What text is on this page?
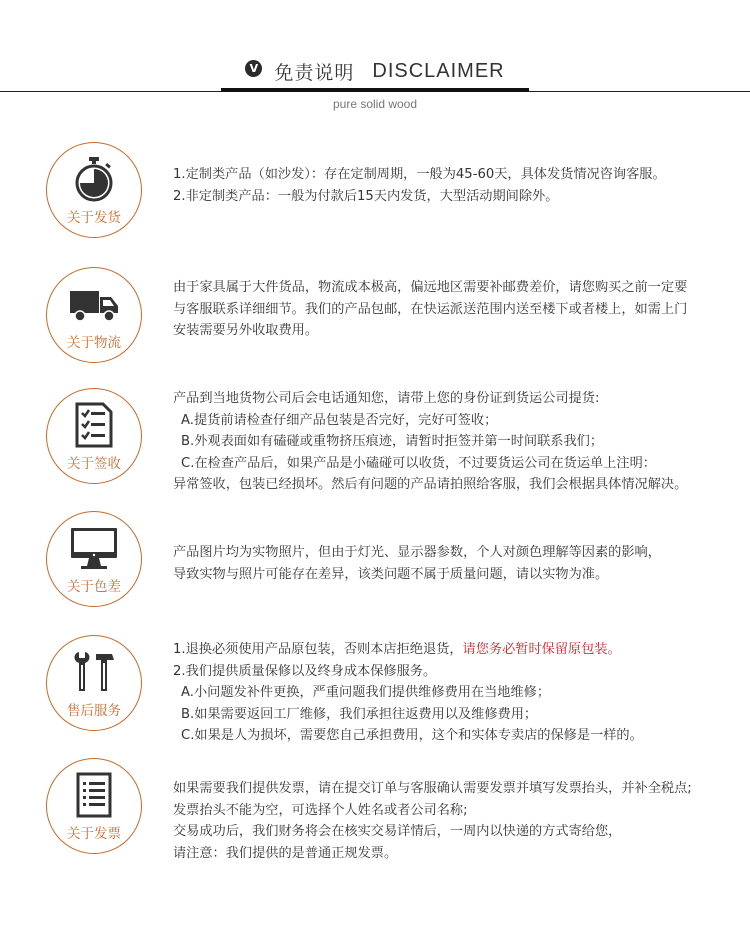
V 免责说明 DISCLAIMER
pure solid wood
关于发货

1.定制类产品（如沙发）：存在定制周期，一般为45-60天，具体发货情况咨询客服。

2.非定制类产品：一般为付款后15天内发货，大型活动期间除外。

关于物流

由于家具属于大件货品，物流成本极高，偏远地区需要补邮费差价，请您购买之前一定要

与客服联系详细细节。我们的产品包邮，在快运派送范围内送至楼下或者楼上，如需上门

安装需要另外收取费用。

关于签收

产品到当地货物公司后会电话通知您，请带上您的身份证到货运公司提货:

A.提货前请检查仔细产品包装是否完好，完好可签收；

B.外观表面如有磕碰或重物挤压痕迹，请暂时拒签并第一时间联系我们；

C.在检查产品后，如果产品是小磕碰可以收货，不过要货运公司在货运单上注明：

异常签收，包装已经损坏。然后有问题的产品请拍照给客服，我们会根据具体情况解决。

关于色差

产品图片均为实物照片，但由于灯光、显示器参数，个人对颜色理解等因素的影响，

导致实物与照片可能存在差异，该类问题不属于质量问题，请以实物为准。

售后服务

1.退换必须使用产品原包装，否则本店拒绝退货，请您务必暂时保留原包装。

2.我们提供质量保修以及终身成本保修服务。

A.小问题发补件更换，严重问题我们提供维修费用在当地维修；

B.如果需要返回工厂维修，我们承担往返费用以及维修费用；

C.如果是人为损坏，需要您自己承担费用，这个和实体专卖店的保修是一样的。

关于发票

如果需要我们提供发票，请在提交订单与客服确认需要发票并填写发票抬头，并补全税点;

发票抬头不能为空，可选择个人姓名或者公司名称;

交易成功后，我们财务将会在核实交易详情后，一周内以快递的方式寄给您，

请注意：我们提供的是普通正规发票。
